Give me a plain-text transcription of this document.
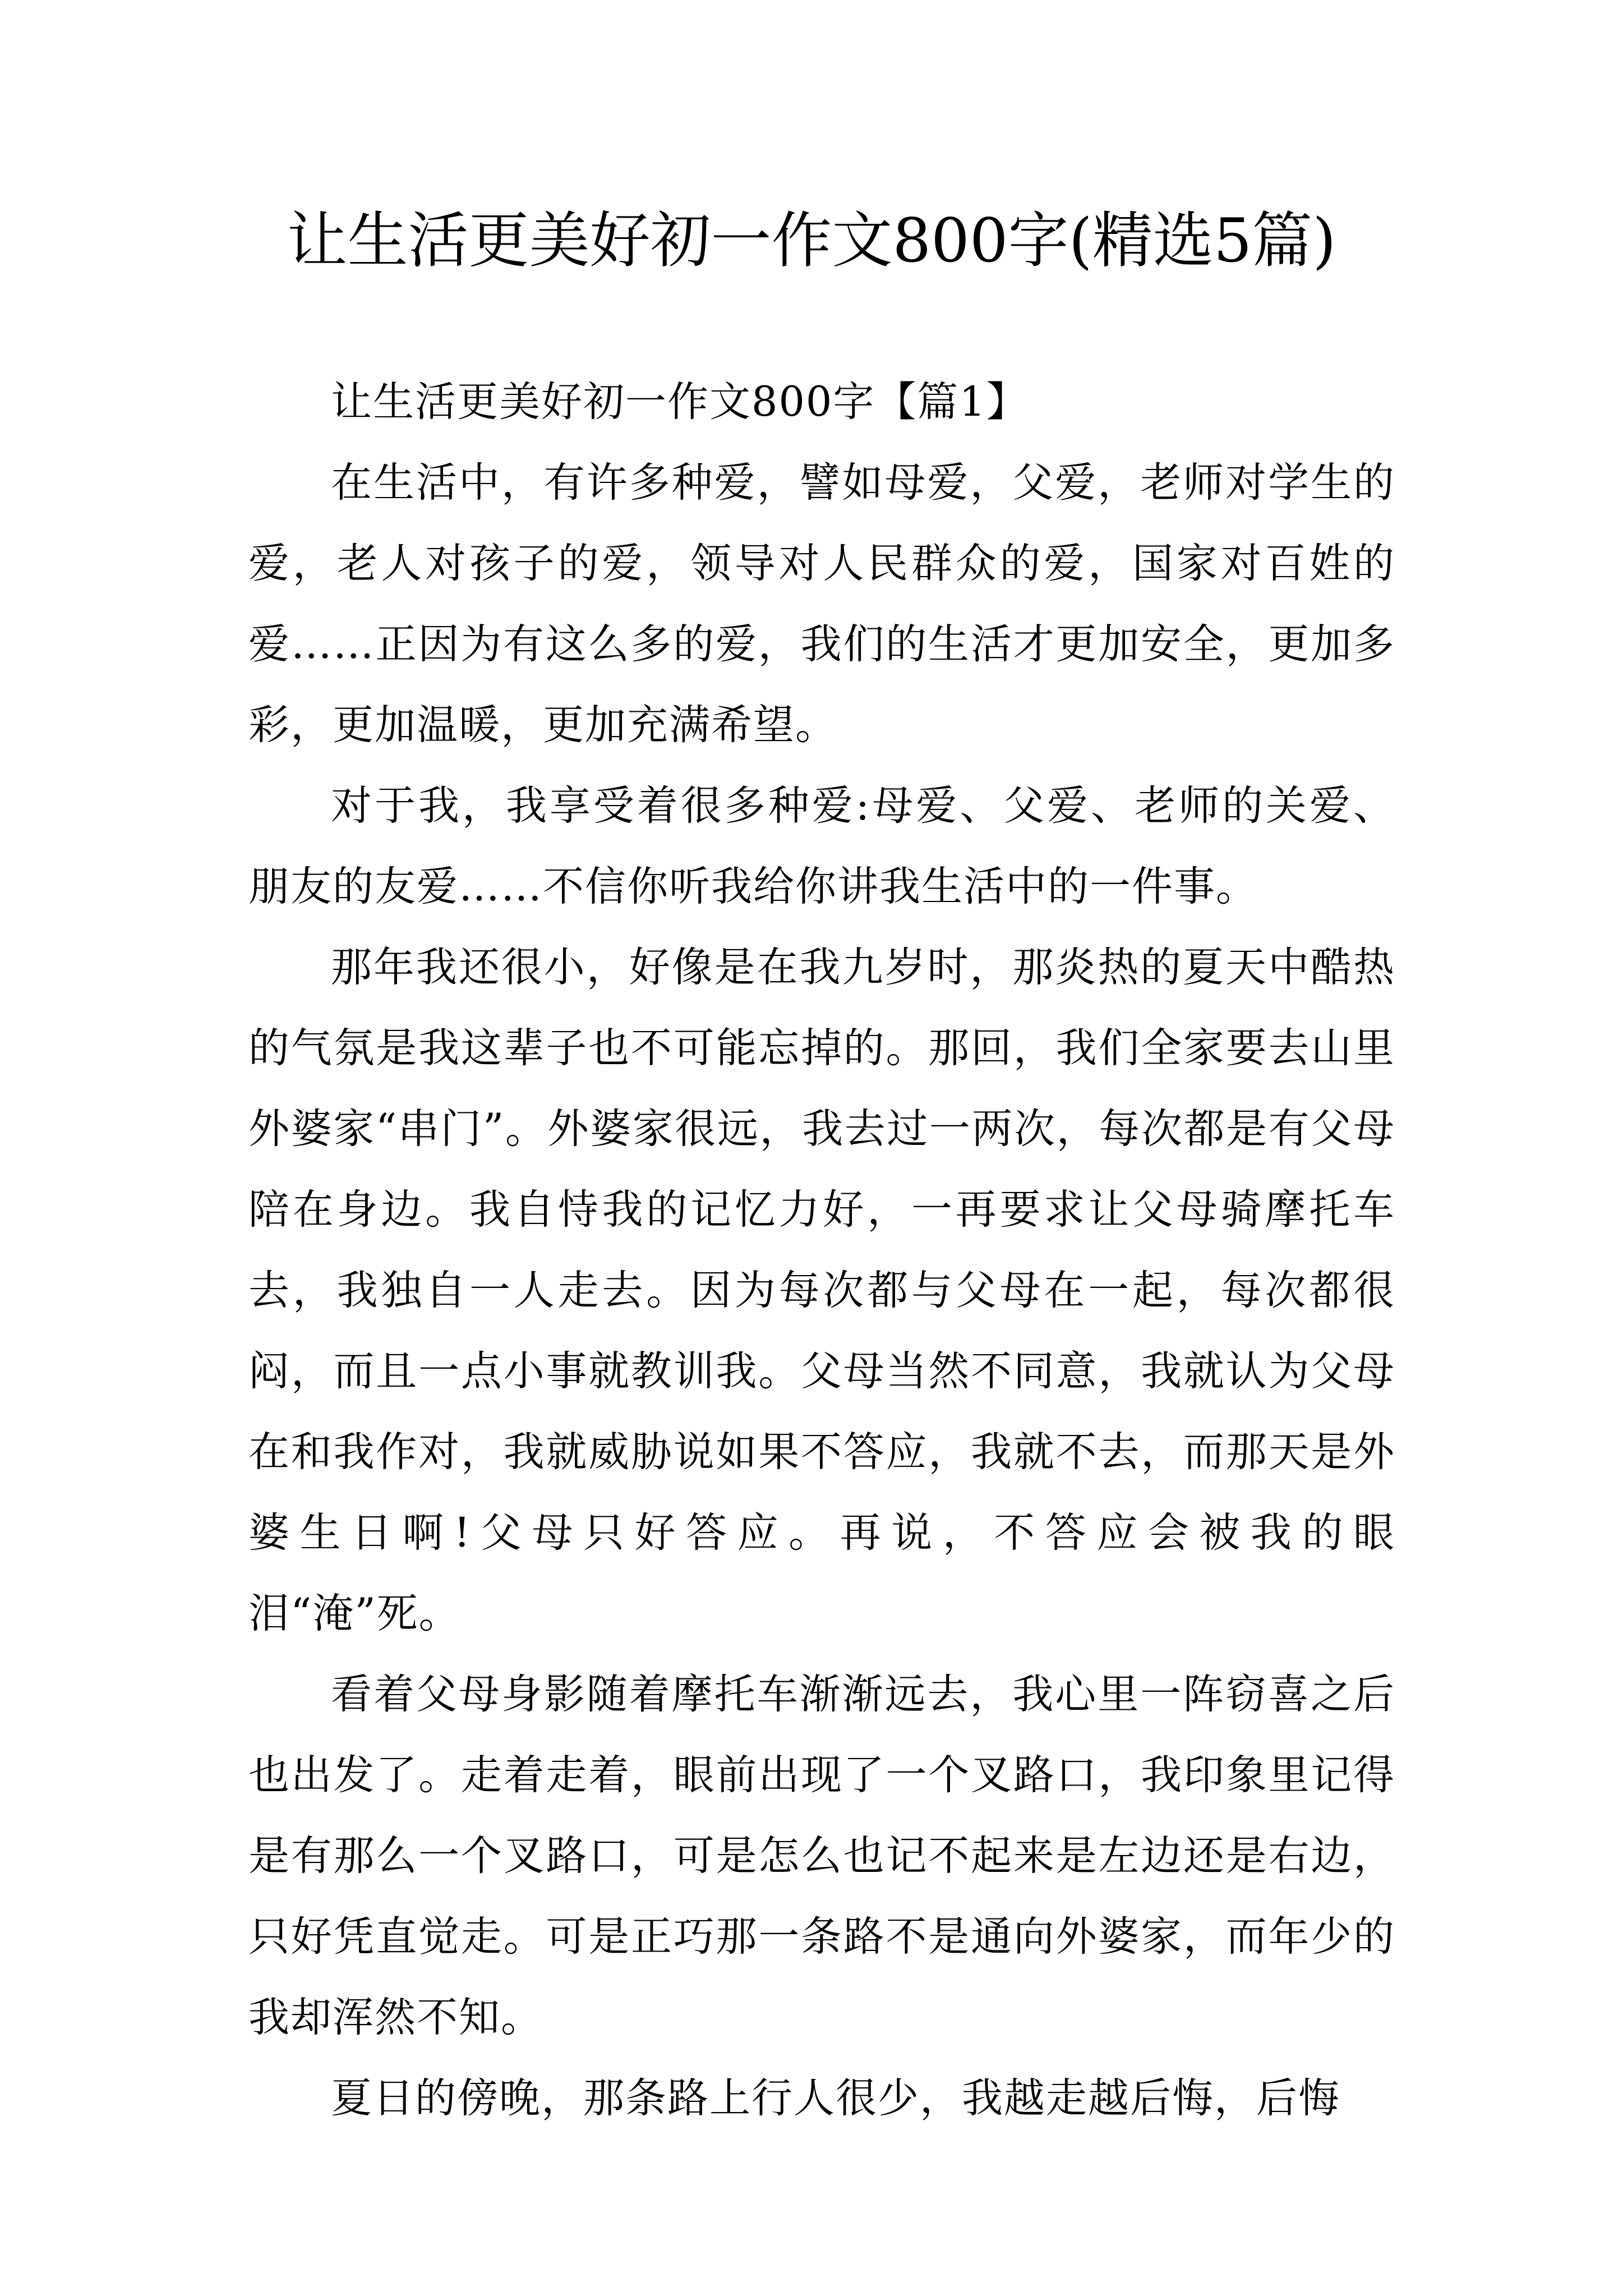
让生活更美好初一作文800字(精选5篇)

让生活更美好初一作文800字【篇1】

在生活中，有许多种爱，譬如母爱，父爱，老师对学生的爱，老人对孩子的爱，领导对人民群众的爱，国家对百姓的爱……正因为有这么多的爱，我们的生活才更加安全，更加多彩，更加温暖，更加充满希望。

对于我，我享受着很多种爱:母爱、父爱、老师的关爱、朋友的友爱……不信你听我给你讲我生活中的一件事。

那年我还很小，好像是在我九岁时，那炎热的夏天中酷热的气氛是我这辈子也不可能忘掉的。那回，我们全家要去山里外婆家“串门”。外婆家很远，我去过一两次，每次都是有父母陪在身边。我自恃我的记忆力好，一再要求让父母骑摩托车去，我独自一人走去。因为每次都与父母在一起，每次都很闷，而且一点小事就教训我。父母当然不同意，我就认为父母在和我作对，我就威胁说如果不答应，我就不去，而那天是外婆生日啊!父母只好答应。再说，不答应会被我的眼泪“淹”死。

看着父母身影随着摩托车渐渐远去，我心里一阵窃喜之后也出发了。走着走着，眼前出现了一个叉路口，我印象里记得是有那么一个叉路口，可是怎么也记不起来是左边还是右边，只好凭直觉走。可是正巧那一条路不是通向外婆家，而年少的我却浑然不知。

夏日的傍晚，那条路上行人很少，我越走越后悔，后悔
